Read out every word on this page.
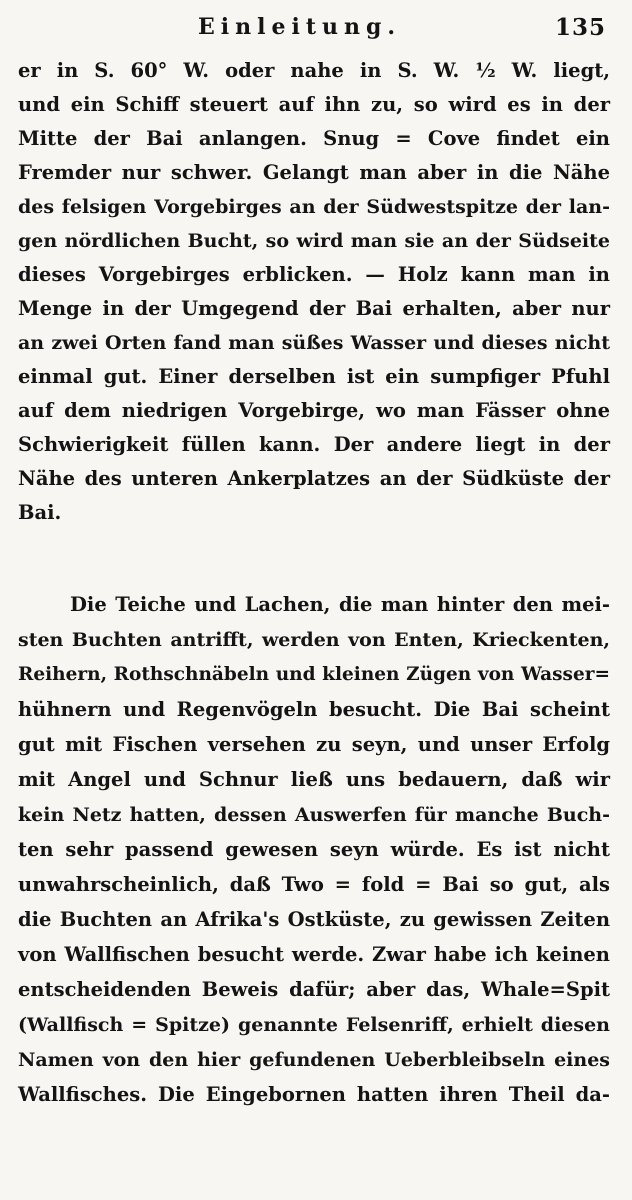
Einleitung.	135
er in S. 60° W. oder nahe in S. W. ½ W. liegt,
und ein Schiff steuert auf ihn zu, so wird es in der
Mitte der Bai anlangen. Snug = Cove findet ein
Fremder nur schwer. Gelangt man aber in die Nähe
des felsigen Vorgebirges an der Südwestspitze der lan-
gen nördlichen Bucht, so wird man sie an der Südseite
dieses Vorgebirges erblicken. — Holz kann man in
Menge in der Umgegend der Bai erhalten, aber nur
an zwei Orten fand man süßes Wasser und dieses nicht
einmal gut. Einer derselben ist ein sumpfiger Pfuhl
auf dem niedrigen Vorgebirge, wo man Fässer ohne
Schwierigkeit füllen kann. Der andere liegt in der
Nähe des unteren Ankerplatzes an der Südküste der
Bai.
Die Teiche und Lachen, die man hinter den mei-
sten Buchten antrifft, werden von Enten, Krieckenten,
Reihern, Rothschnäbeln und kleinen Zügen von Wasser=
hühnern und Regenvögeln besucht. Die Bai scheint
gut mit Fischen versehen zu seyn, und unser Erfolg
mit Angel und Schnur ließ uns bedauern, daß wir
kein Netz hatten, dessen Auswerfen für manche Buch-
ten sehr passend gewesen seyn würde. Es ist nicht
unwahrscheinlich, daß Two = fold = Bai so gut, als
die Buchten an Afrika's Ostküste, zu gewissen Zeiten
von Wallfischen besucht werde. Zwar habe ich keinen
entscheidenden Beweis dafür; aber das, Whale=Spit
(Wallfisch = Spitze) genannte Felsenriff, erhielt diesen
Namen von den hier gefundenen Ueberbleibseln eines
Wallfisches. Die Eingebornen hatten ihren Theil da-
